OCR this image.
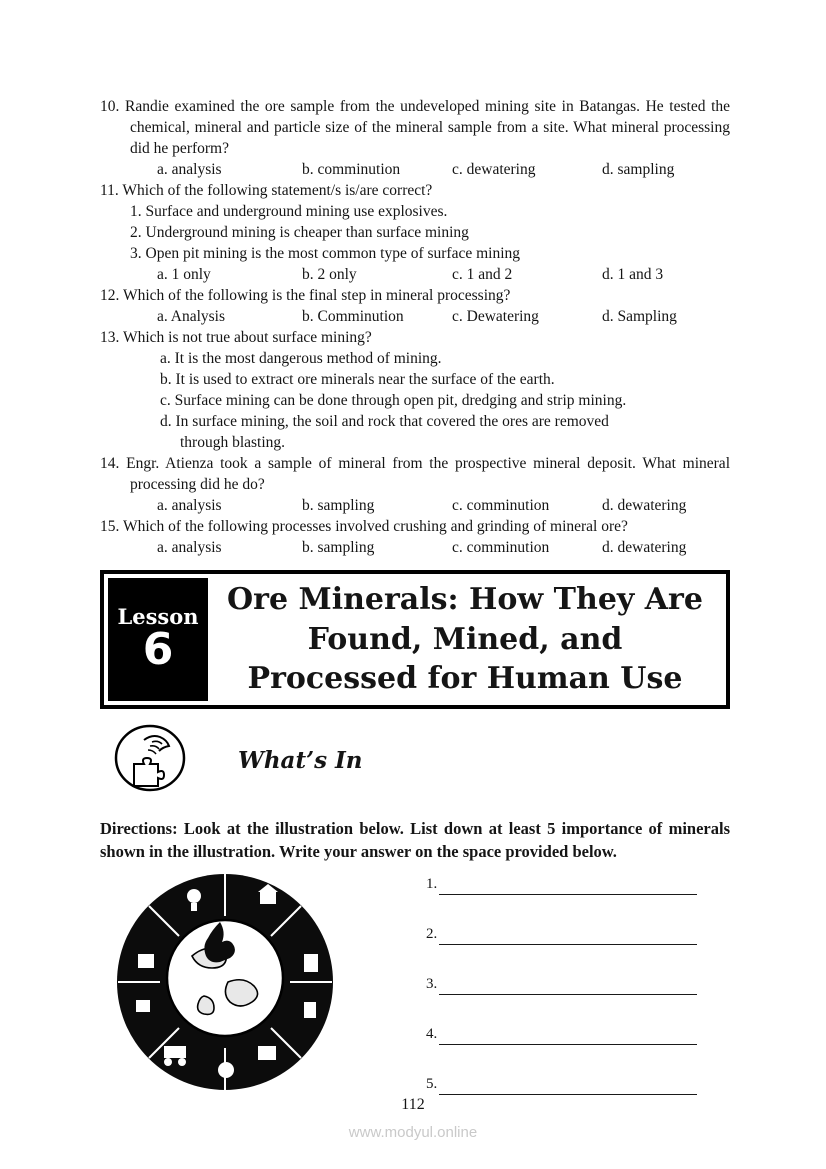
10. Randie examined the ore sample from the undeveloped mining site in Batangas. He tested the chemical, mineral and particle size of the mineral sample from a site. What mineral processing did he perform?
a. analysis	b. comminution	c. dewatering	d. sampling
11. Which of the following statement/s is/are correct?
1. Surface and underground mining use explosives.
2. Underground mining is cheaper than surface mining
3. Open pit mining is the most common type of surface mining
a. 1 only	b. 2 only	c. 1 and 2	d. 1 and 3
12. Which of the following is the final step in mineral processing?
a. Analysis	b. Comminution	c. Dewatering	d. Sampling
13. Which is not true about surface mining?
a. It is the most dangerous method of mining.
b. It is used to extract ore minerals near the surface of the earth.
c. Surface mining can be done through open pit, dredging and strip mining.
d. In surface mining, the soil and rock that covered the ores are removed through blasting.
14. Engr. Atienza took a sample of mineral from the prospective mineral deposit. What mineral processing did he do?
a. analysis	b. sampling	c. comminution	d. dewatering
15. Which of the following processes involved crushing and grinding of mineral ore?
a. analysis	b. sampling	c. comminution	d. dewatering
Lesson
6
Ore Minerals: How They Are Found, Mined, and Processed for Human Use
What’s In
Directions: Look at the illustration below. List down at least 5 importance of minerals shown in the illustration. Write your answer on the space provided below.
1.
2.
3.
4.
5.
112
www.modyul.online
